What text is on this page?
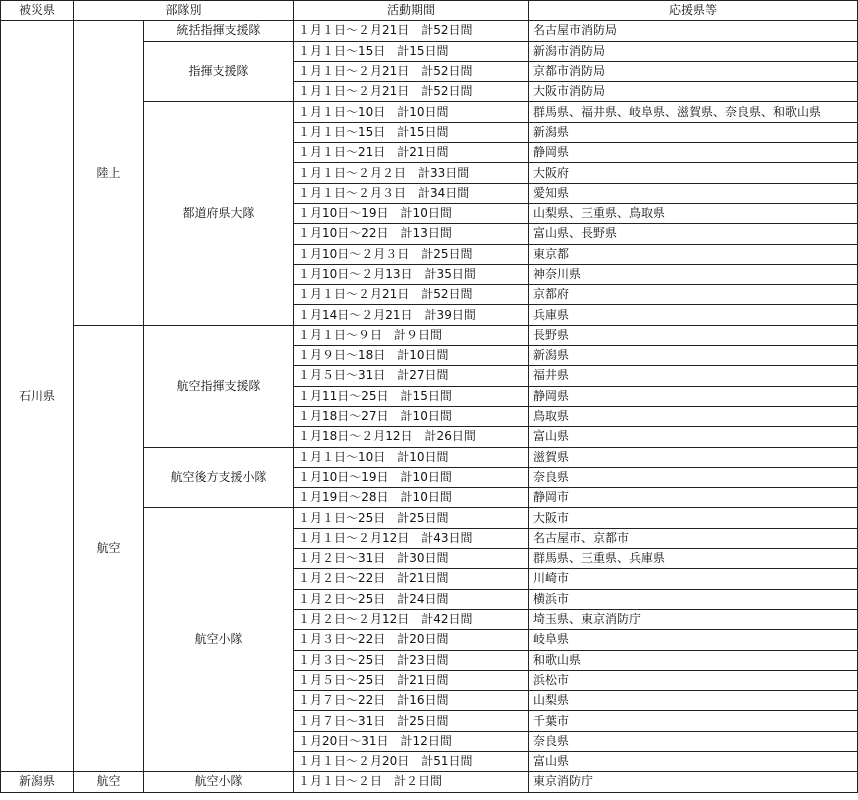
被災県	部隊別		活動期間	応援県等
石川県	陸上	統括指揮支援隊	１月１日～２月21日　計52日間	名古屋市消防局
		指揮支援隊	１月１日～15日　計15日間	新潟市消防局
			１月１日～２月21日　計52日間	京都市消防局
			１月１日～２月21日　計52日間	大阪市消防局
		都道府県大隊	１月１日～10日　計10日間	群馬県、福井県、岐阜県、滋賀県、奈良県、和歌山県
			１月１日～15日　計15日間	新潟県
			１月１日～21日　計21日間	静岡県
			１月１日～２月２日　計33日間	大阪府
			１月１日～２月３日　計34日間	愛知県
			１月10日～19日　計10日間	山梨県、三重県、鳥取県
			１月10日～22日　計13日間	富山県、長野県
			１月10日～２月３日　計25日間	東京都
			１月10日～２月13日　計35日間	神奈川県
			１月１日～２月21日　計52日間	京都府
			１月14日～２月21日　計39日間	兵庫県
	航空	航空指揮支援隊	１月１日～９日　計９日間	長野県
			１月９日～18日　計10日間	新潟県
			１月５日～31日　計27日間	福井県
			１月11日～25日　計15日間	静岡県
			１月18日～27日　計10日間	鳥取県
			１月18日～２月12日　計26日間	富山県
		航空後方支援小隊	１月１日～10日　計10日間	滋賀県
			１月10日～19日　計10日間	奈良県
			１月19日～28日　計10日間	静岡市
		航空小隊	１月１日～25日　計25日間	大阪市
			１月１日～２月12日　計43日間	名古屋市、京都市
			１月２日～31日　計30日間	群馬県、三重県、兵庫県
			１月２日～22日　計21日間	川崎市
			１月２日～25日　計24日間	横浜市
			１月２日～２月12日　計42日間	埼玉県、東京消防庁
			１月３日～22日　計20日間	岐阜県
			１月３日～25日　計23日間	和歌山県
			１月５日～25日　計21日間	浜松市
			１月７日～22日　計16日間	山梨県
			１月７日～31日　計25日間	千葉市
			１月20日～31日　計12日間	奈良県
			１月１日～２月20日　計51日間	富山県
新潟県	航空	航空小隊	１月１日～２日　計２日間	東京消防庁
